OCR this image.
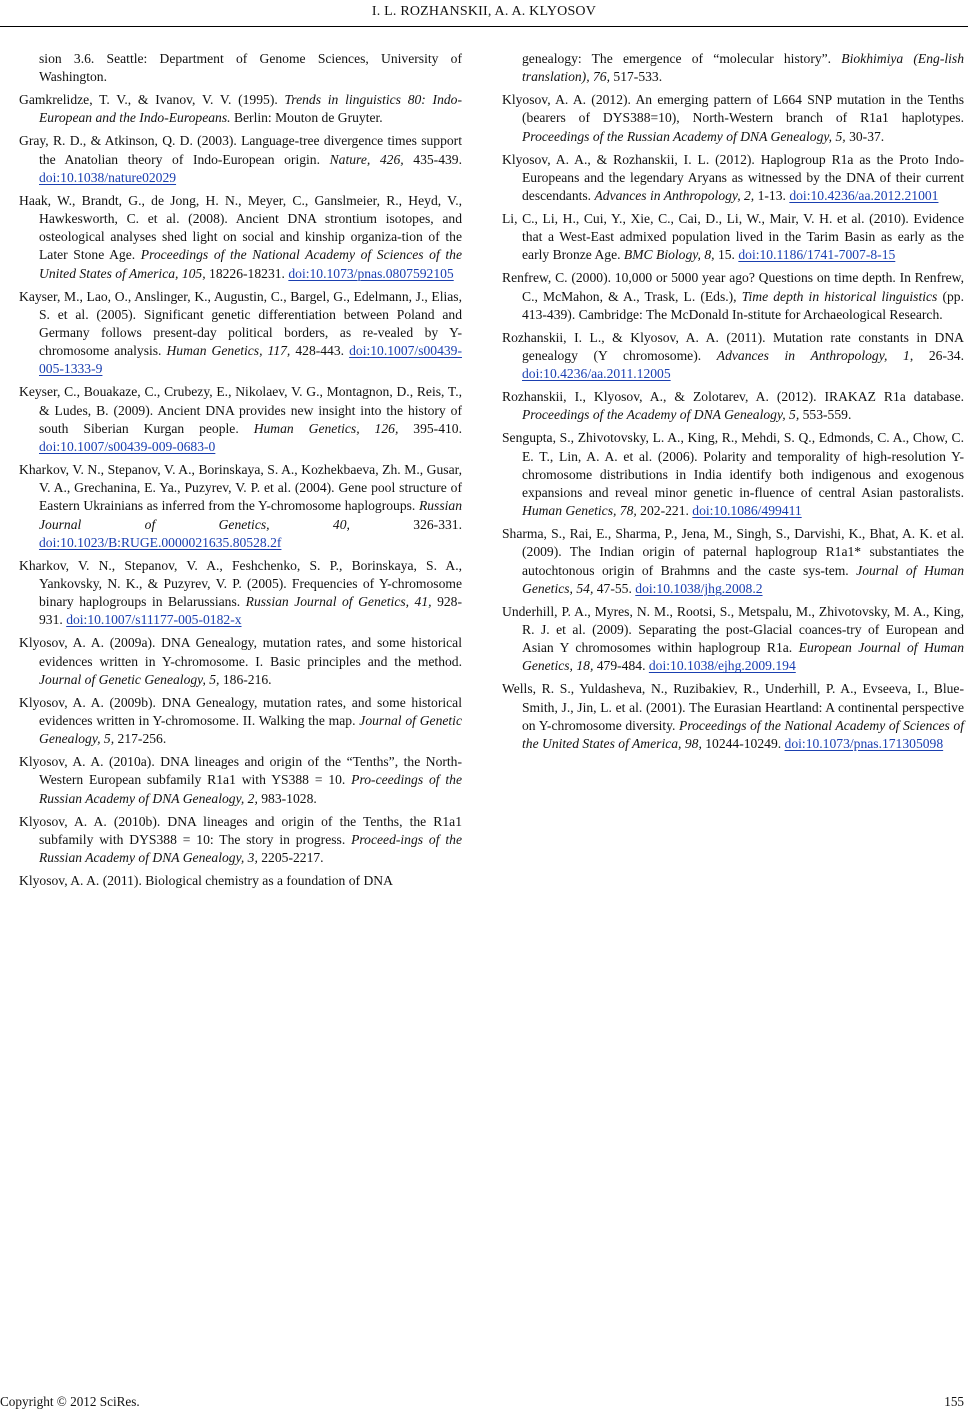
I. L. ROZHANSKII, A. A. KLYOSOV

sion 3.6. Seattle: Department of Genome Sciences, University of Washington.

Gamkrelidze, T. V., & Ivanov, V. V. (1995). Trends in linguistics 80: Indo-European and the Indo-Europeans. Berlin: Mouton de Gruyter.

Gray, R. D., & Atkinson, Q. D. (2003). Language-tree divergence times support the Anatolian theory of Indo-European origin. Nature, 426, 435-439. doi:10.1038/nature02029

Haak, W., Brandt, G., de Jong, H. N., Meyer, C., Ganslmeier, R., Heyd, V., Hawkesworth, C. et al. (2008). Ancient DNA strontium isotopes, and osteological analyses shed light on social and kinship organiza-tion of the Later Stone Age. Proceedings of the National Academy of Sciences of the United States of America, 105, 18226-18231. doi:10.1073/pnas.0807592105

Kayser, M., Lao, O., Anslinger, K., Augustin, C., Bargel, G., Edelmann, J., Elias, S. et al. (2005). Significant genetic differentiation between Poland and Germany follows present-day political borders, as re-vealed by Y-chromosome analysis. Human Genetics, 117, 428-443. doi:10.1007/s00439-005-1333-9

Keyser, C., Bouakaze, C., Crubezy, E., Nikolaev, V. G., Montagnon, D., Reis, T., & Ludes, B. (2009). Ancient DNA provides new insight into the history of south Siberian Kurgan people. Human Genetics, 126, 395-410. doi:10.1007/s00439-009-0683-0

Kharkov, V. N., Stepanov, V. A., Borinskaya, S. A., Kozhekbaeva, Zh. M., Gusar, V. A., Grechanina, E. Ya., Puzyrev, V. P. et al. (2004). Gene pool structure of Eastern Ukrainians as inferred from the Y-chromosome haplogroups. Russian Journal of Genetics, 40, 326-331. doi:10.1023/B:RUGE.0000021635.80528.2f

Kharkov, V. N., Stepanov, V. A., Feshchenko, S. P., Borinskaya, S. A., Yankovsky, N. K., & Puzyrev, V. P. (2005). Frequencies of Y-chromosome binary haplogroups in Belarussians. Russian Journal of Genetics, 41, 928-931. doi:10.1007/s11177-005-0182-x

Klyosov, A. A. (2009a). DNA Genealogy, mutation rates, and some historical evidences written in Y-chromosome. I. Basic principles and the method. Journal of Genetic Genealogy, 5, 186-216.

Klyosov, A. A. (2009b). DNA Genealogy, mutation rates, and some historical evidences written in Y-chromosome. II. Walking the map. Journal of Genetic Genealogy, 5, 217-256.

Klyosov, A. A. (2010a). DNA lineages and origin of the “Tenths”, the North-Western European subfamily R1a1 with YS388 = 10. Pro-ceedings of the Russian Academy of DNA Genealogy, 2, 983-1028.

Klyosov, A. A. (2010b). DNA lineages and origin of the Tenths, the R1a1 subfamily with DYS388 = 10: The story in progress. Proceed-ings of the Russian Academy of DNA Genealogy, 3, 2205-2217.

Klyosov, A. A. (2011). Biological chemistry as a foundation of DNA

genealogy: The emergence of “molecular history”. Biokhimiya (Eng-lish translation), 76, 517-533.

Klyosov, A. A. (2012). An emerging pattern of L664 SNP mutation in the Tenths (bearers of DYS388=10), North-Western branch of R1a1 haplotypes. Proceedings of the Russian Academy of DNA Genealogy, 5, 30-37.

Klyosov, A. A., & Rozhanskii, I. L. (2012). Haplogroup R1a as the Proto Indo-Europeans and the legendary Aryans as witnessed by the DNA of their current descendants. Advances in Anthropology, 2, 1-13. doi:10.4236/aa.2012.21001

Li, C., Li, H., Cui, Y., Xie, C., Cai, D., Li, W., Mair, V. H. et al. (2010). Evidence that a West-East admixed population lived in the Tarim Basin as early as the early Bronze Age. BMC Biology, 8, 15. doi:10.1186/1741-7007-8-15

Renfrew, C. (2000). 10,000 or 5000 year ago? Questions on time depth. In Renfrew, C., McMahon, & A., Trask, L. (Eds.), Time depth in historical linguistics (pp. 413-439). Cambridge: The McDonald In-stitute for Archaeological Research.

Rozhanskii, I. L., & Klyosov, A. A. (2011). Mutation rate constants in DNA genealogy (Y chromosome). Advances in Anthropology, 1, 26-34. doi:10.4236/aa.2011.12005

Rozhanskii, I., Klyosov, A., & Zolotarev, A. (2012). IRAKAZ R1a database. Proceedings of the Academy of DNA Genealogy, 5, 553-559.

Sengupta, S., Zhivotovsky, L. A., King, R., Mehdi, S. Q., Edmonds, C. A., Chow, C. E. T., Lin, A. A. et al. (2006). Polarity and temporality of high-resolution Y-chromosome distributions in India identify both indigenous and exogenous expansions and reveal minor genetic in-fluence of central Asian pastoralists. Human Genetics, 78, 202-221. doi:10.1086/499411

Sharma, S., Rai, E., Sharma, P., Jena, M., Singh, S., Darvishi, K., Bhat, A. K. et al. (2009). The Indian origin of paternal haplogroup R1a1* substantiates the autochtonous origin of Brahmns and the caste sys-tem. Journal of Human Genetics, 54, 47-55. doi:10.1038/jhg.2008.2

Underhill, P. A., Myres, N. M., Rootsi, S., Metspalu, M., Zhivotovsky, M. A., King, R. J. et al. (2009). Separating the post-Glacial coances-try of European and Asian Y chromosomes within haplogroup R1a. European Journal of Human Genetics, 18, 479-484. doi:10.1038/ejhg.2009.194

Wells, R. S., Yuldasheva, N., Ruzibakiev, R., Underhill, P. A., Evseeva, I., Blue-Smith, J., Jin, L. et al. (2001). The Eurasian Heartland: A continental perspective on Y-chromosome diversity. Proceedings of the National Academy of Sciences of the United States of America, 98, 10244-10249. doi:10.1073/pnas.171305098

Copyright © 2012 SciRes.	155
